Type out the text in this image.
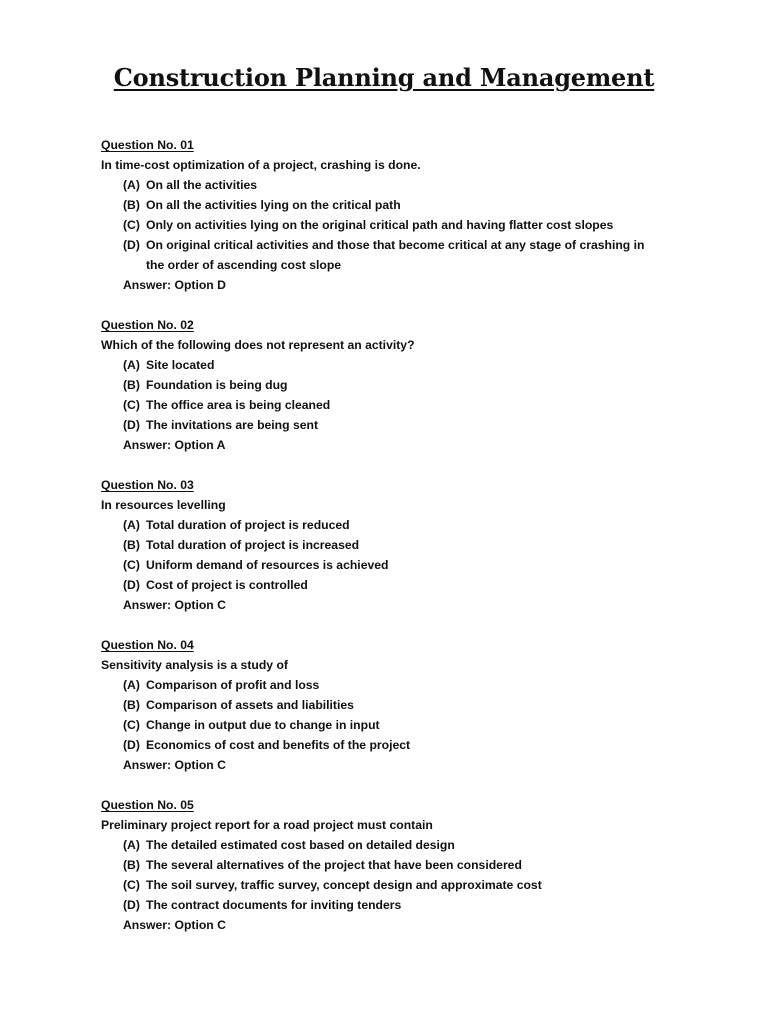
Construction Planning and Management
Question No. 01
In time-cost optimization of a project, crashing is done.
(A) On all the activities
(B) On all the activities lying on the critical path
(C) Only on activities lying on the original critical path and having flatter cost slopes
(D) On original critical activities and those that become critical at any stage of crashing in the order of ascending cost slope
Answer: Option D
Question No. 02
Which of the following does not represent an activity?
(A) Site located
(B) Foundation is being dug
(C) The office area is being cleaned
(D) The invitations are being sent
Answer: Option A
Question No. 03
In resources levelling
(A) Total duration of project is reduced
(B) Total duration of project is increased
(C) Uniform demand of resources is achieved
(D) Cost of project is controlled
Answer: Option C
Question No. 04
Sensitivity analysis is a study of
(A) Comparison of profit and loss
(B) Comparison of assets and liabilities
(C) Change in output due to change in input
(D) Economics of cost and benefits of the project
Answer: Option C
Question No. 05
Preliminary project report for a road project must contain
(A) The detailed estimated cost based on detailed design
(B) The several alternatives of the project that have been considered
(C) The soil survey, traffic survey, concept design and approximate cost
(D) The contract documents for inviting tenders
Answer: Option C
